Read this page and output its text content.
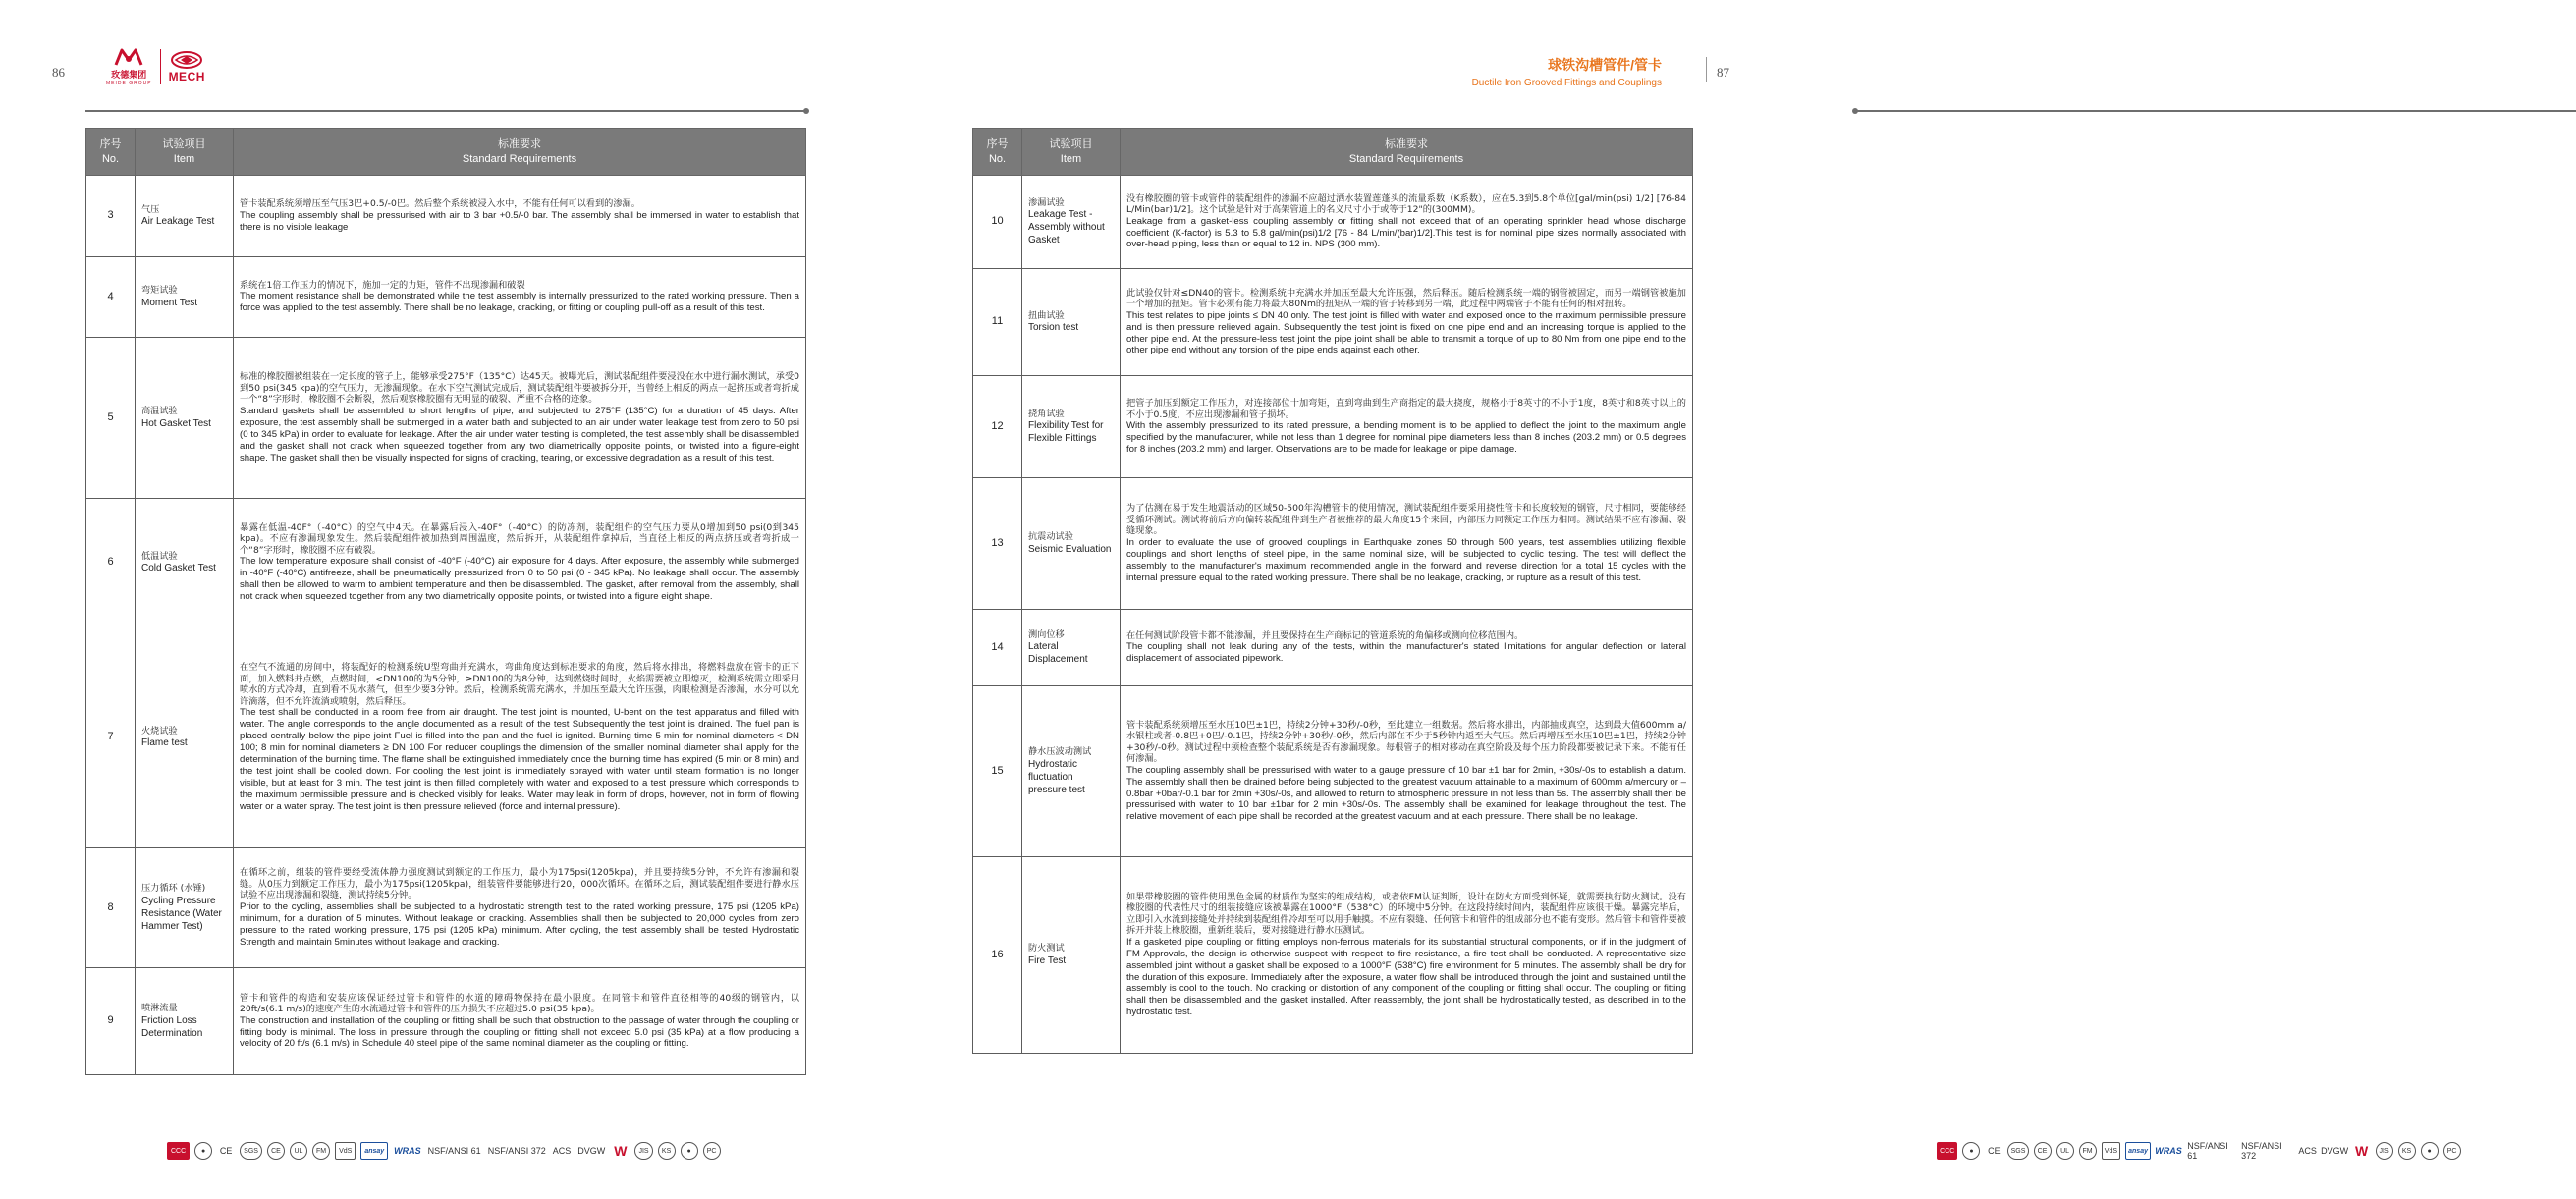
86	玫德集团
MEIDE GROUP MECH
序号
No.	试验项目
Item	标准要求
Standard Requirements
3	气压
Air Leakage Test	管卡装配系统须增压至气压3巴+0.5/-0巴。然后整个系统被浸入水中，不能有任何可以看到的渗漏。
The coupling assembly shall be pressurised with air to 3 bar +0.5/-0 bar. The assembly shall be immersed in water to establish that there is no visible leakage

4	弯矩试验
Moment Test	系统在1倍工作压力的情况下，施加一定的力矩，管件不出现渗漏和破裂
The moment resistance shall be demonstrated while the test assembly is internally pressurized to the rated working pressure. Then a force was applied to the test assembly. There shall be no leakage, cracking, or fitting or coupling pull-off as a result of this test.

5	高温试验
Hot Gasket Test	标准的橡胶圈被组装在一定长度的管子上，能够承受275°F（135°C）达45天。被曝光后，测试装配组件要浸没在水中进行漏水测试，承受0到50 psi(345 kpa)的空气压力，无渗漏现象。在水下空气测试完成后，测试装配组件要被拆分开，当曾经上相反的两点一起挤压或者弯折成一个“8”字形时，橡胶圈不会断裂，然后观察橡胶圈有无明显的破裂、严重不合格的迹象。
Standard gaskets shall be assembled to short lengths of pipe, and subjected to 275°F (135°C) for a duration of 45 days. After exposure, the test assembly shall be submerged in a water bath and subjected to an air under water leakage test from zero to 50 psi (0 to 345 kPa) in order to evaluate for leakage. After the air under water testing is completed, the test assembly shall be disassembled and the gasket shall not crack when squeezed together from any two diametrically opposite points, or twisted into a figure-eight shape. The gasket shall then be visually inspected for signs of cracking, tearing, or excessive degradation as a result of this test.

6	低温试验
Cold Gasket Test	暴露在低温-40F°（-40°C）的空气中4天。在暴露后浸入-40F°（-40°C）的防冻剂，装配组件的空气压力要从0增加到50 psi(0到345 kpa)。不应有渗漏现象发生。然后装配组件被加热到周围温度，然后拆开，从装配组件拿掉后，当直径上相反的两点挤压或者弯折成一个“8”字形时，橡胶圈不应有破裂。
The low temperature exposure shall consist of -40°F (-40°C) air exposure for 4 days. After exposure, the assembly while submerged in -40°F (-40°C) antifreeze, shall be pneumatically pressurized from 0 to 50 psi (0 - 345 kPa). No leakage shall occur. The assembly shall then be allowed to warm to ambient temperature and then be disassembled. The gasket, after removal from the assembly, shall not crack when squeezed together from any two diametrically opposite points, or twisted into a figure eight shape.

7	火烧试验
Flame test	在空气不流通的房间中，将装配好的检测系统U型弯曲并充满水，弯曲角度达到标准要求的角度，然后将水排出，将燃料盘放在管卡的正下面，加入燃料并点燃，点燃时间，<DN100的为5分钟，≥DN100的为8分钟，达到燃烧时间时，火焰需要被立即熄灭，检测系统需立即采用喷水的方式冷却，直到看不见水蒸气，但至少要3分钟。然后，检测系统需充满水，并加压至最大允许压强，肉眼检测是否渗漏，水分可以允许滴落，但不允许流淌或喷射，然后释压。
The test shall be conducted in a room free from air draught. The test joint is mounted, U-bent on the test apparatus and filled with water. The angle corresponds to the angle documented as a result of the test Subsequently the test joint is drained. The fuel pan is placed centrally below the pipe joint Fuel is filled into the pan and the fuel is ignited. Burning time 5 min for nominal diameters < DN 100; 8 min for nominal diameters ≥ DN 100 For reducer couplings the dimension of the smaller nominal diameter shall apply for the determination of the burning time. The flame shall be extinguished immediately once the burning time has expired (5 min or 8 min) and the test joint shall be cooled down. For cooling the test joint is immediately sprayed with water until steam formation is no longer visible, but at least for 3 min. The test joint is then filled completely with water and exposed to a test pressure which corresponds to the maximum permissible pressure and is checked visibly for leaks. Water may leak in form of drops, however, not in form of flowing water or a water spray. The test joint is then pressure relieved (force and internal pressure).

8	压力循环 (水锤)
Cycling Pressure Resistance (Water Hammer Test)	在循环之前，组装的管件要经受流体静力强度测试到额定的工作压力，最小为175psi(1205kpa)，并且要持续5分钟，不允许有渗漏和裂缝。从0压力到额定工作压力，最小为175psi(1205kpa)，组装管件要能够进行20，000次循环。在循环之后，测试装配组件要进行静水压试验不应出现渗漏和裂缝，测试持续5分钟。
Prior to the cycling, assemblies shall be subjected to a hydrostatic strength test to the rated working pressure, 175 psi (1205 kPa) minimum, for a duration of 5 minutes. Without leakage or cracking. Assemblies shall then be subjected to 20,000 cycles from zero pressure to the rated working pressure, 175 psi (1205 kPa) minimum. After cycling, the test assembly shall be tested Hydrostatic Strength and maintain 5minutes without leakage and cracking.

9	喷淋流量
Friction Loss Determination	管卡和管件的构造和安装应该保证经过管卡和管件的水道的障碍物保持在最小限度。在同管卡和管件直径相等的40级的钢管内，以20ft/s(6.1 m/s)的速度产生的水流通过管卡和管件的压力损失不应超过5.0 psi(35 kpa)。
The construction and installation of the coupling or fitting shall be such that obstruction to the passage of water through the coupling or fitting body is minimal. The loss in pressure through the coupling or fitting shall not exceed 5.0 psi (35 kPa) at a flow producing a velocity of 20 ft/s (6.1 m/s) in Schedule 40 steel pipe of the same nominal diameter as the coupling or fitting.
CCC	●	CE	SGS	CE	UL	FM	VdS	ansay	WRAS NSF/ANSI 61 NSF/ANSI 372 ACS DVGW W	JIS	KS	●	PC
球铁沟槽管件/管卡
Ductile Iron Grooved Fittings and Couplings
87
序号
No.	试验项目
Item	标准要求
Standard Requirements
10	渗漏试验
Leakage Test - Assembly without Gasket	没有橡胶圈的管卡或管件的装配组件的渗漏不应超过洒水装置莲蓬头的流量系数（K系数），应在5.3到5.8个单位[gal/min(psi) 1/2] [76-84 L/Min(bar)1/2]。这个试验是针对于高架管道上的名义尺寸小于或等于12"的(300MM)。
Leakage from a gasket-less coupling assembly or fitting shall not exceed that of an operating sprinkler head whose discharge coefficient (K-factor) is 5.3 to 5.8 gal/min(psi)1/2 [76 - 84 L/min/(bar)1/2].This test is for nominal pipe sizes normally associated with over-head piping, less than or equal to 12 in. NPS (300 mm).

11	扭曲试验
Torsion test	此试验仅针对≤DN40的管卡。检测系统中充满水并加压至最大允许压强，然后释压。随后检测系统一端的钢管被固定，而另一端钢管被施加一个增加的扭矩。管卡必须有能力将最大80Nm的扭矩从一端的管子转移到另一端，此过程中两端管子不能有任何的相对扭转。
This test relates to pipe joints ≤ DN 40 only. The test joint is filled with water and exposed once to the maximum permissible pressure and is then pressure relieved again. Subsequently the test joint is fixed on one pipe end and an increasing torque is applied to the other pipe end. At the pressure-less test joint the pipe joint shall be able to transmit a torque of up to 80 Nm from one pipe end to the other pipe end without any torsion of the pipe ends against each other.

12	挠角试验
Flexibility Test for Flexible Fittings	把管子加压到额定工作压力，对连接部位十加弯矩，直到弯曲到生产商指定的最大挠度，规格小于8英寸的不小于1度，8英寸和8英寸以上的不小于0.5度，不应出现渗漏和管子损坏。
With the assembly pressurized to its rated pressure, a bending moment is to be applied to deflect the joint to the maximum angle specified by the manufacturer, while not less than 1 degree for nominal pipe diameters less than 8 inches (203.2 mm) or 0.5 degrees for 8 inches (203.2 mm) and larger. Observations are to be made for leakage or pipe damage.

13	抗震动试验
Seismic Evaluation	为了估测在易于发生地震活动的区域50-500年沟槽管卡的使用情况，测试装配组件要采用挠性管卡和长度较短的钢管，尺寸相同，要能够经受循环测试。测试将前后方向偏转装配组件到生产者被推荐的最大角度15个来回，内部压力同额定工作压力相同。测试结果不应有渗漏、裂缝现象。
In order to evaluate the use of grooved couplings in Earthquake zones 50 through 500 years, test assemblies utilizing flexible couplings and short lengths of steel pipe, in the same nominal size, will be subjected to cyclic testing. The test will deflect the assembly to the manufacturer's maximum recommended angle in the forward and reverse direction for a total 15 cycles with the internal pressure equal to the rated working pressure. There shall be no leakage, cracking, or rupture as a result of this test.

14	测向位移
Lateral Displacement	在任何测试阶段管卡都不能渗漏，并且要保持在生产商标记的管道系统的角偏移或测向位移范围内。
The coupling shall not leak during any of the tests, within the manufacturer's stated limitations for angular deflection or lateral displacement of associated pipework.

15	静水压波动测试
Hydrostatic fluctuation pressure test	管卡装配系统须增压至水压10巴±1巴，持续2分钟+30秒/-0秒，至此建立一组数据。然后将水排出，内部抽成真空，达到最大值600mm a/水银柱或者-0.8巴+0巴/-0.1巴，持续2分钟+30秒/-0秒，然后内部在不少于5秒钟内返至大气压。然后再增压至水压10巴±1巴，持续2分钟+30秒/-0秒。测试过程中须检查整个装配系统是否有渗漏现象。每根管子的相对移动在真空阶段及每个压力阶段都要被记录下来。不能有任何渗漏。
The coupling assembly shall be pressurised with water to a gauge pressure of 10 bar ±1 bar for 2min, +30s/-0s to establish a datum. The assembly shall then be drained before being subjected to the greatest vacuum attainable to a maximum of 600mm a/mercury or –0.8bar +0bar/-0.1 bar for 2min +30s/-0s, and allowed to return to atmospheric pressure in not less than 5s. The assembly shall then be pressurised with water to 10 bar ±1bar for 2 min +30s/-0s. The assembly shall be examined for leakage throughout the test. The relative movement of each pipe shall be recorded at the greatest vacuum and at each pressure. There shall be no leakage.

16	防火测试
Fire Test	如果带橡胶圈的管件使用黑色金属的材质作为坚实的组成结构，或者依FM认证判断，设计在防火方面受到怀疑，就需要执行防火测试。没有橡胶圈的代表性尺寸的组装接缝应该被暴露在1000°F（538°C）的环境中5分钟。在这段持续时间内，装配组件应该很干燥。暴露完毕后，立即引入水流到接缝处并持续到装配组件冷却至可以用手触摸。不应有裂缝、任何管卡和管件的组成部分也不能有变形。然后管卡和管件要被拆开并装上橡胶圈，重新组装后，要对接缝进行静水压测试。
If a gasketed pipe coupling or fitting employs non-ferrous materials for its substantial structural components, or if in the judgment of FM Approvals, the design is otherwise suspect with respect to fire resistance, a fire test shall be conducted. A representative size assembled joint without a gasket shall be exposed to a 1000°F (538°C) fire environment for 5 minutes. The assembly shall be dry for the duration of this exposure. Immediately after the exposure, a water flow shall be introduced through the joint and sustained until the assembly is cool to the touch. No cracking or distortion of any component of the coupling or fitting shall occur. The coupling or fitting shall then be disassembled and the gasket installed. After reassembly, the joint shall be hydrostatically tested, as described in to the hydrostatic test.
CCC	●	CE	SGS	CE	UL	FM	VdS	ansay WRAS NSF/ANSI 61
NSF/ANSI 372	ACS DVGW W	JIS	KS	●	PC
